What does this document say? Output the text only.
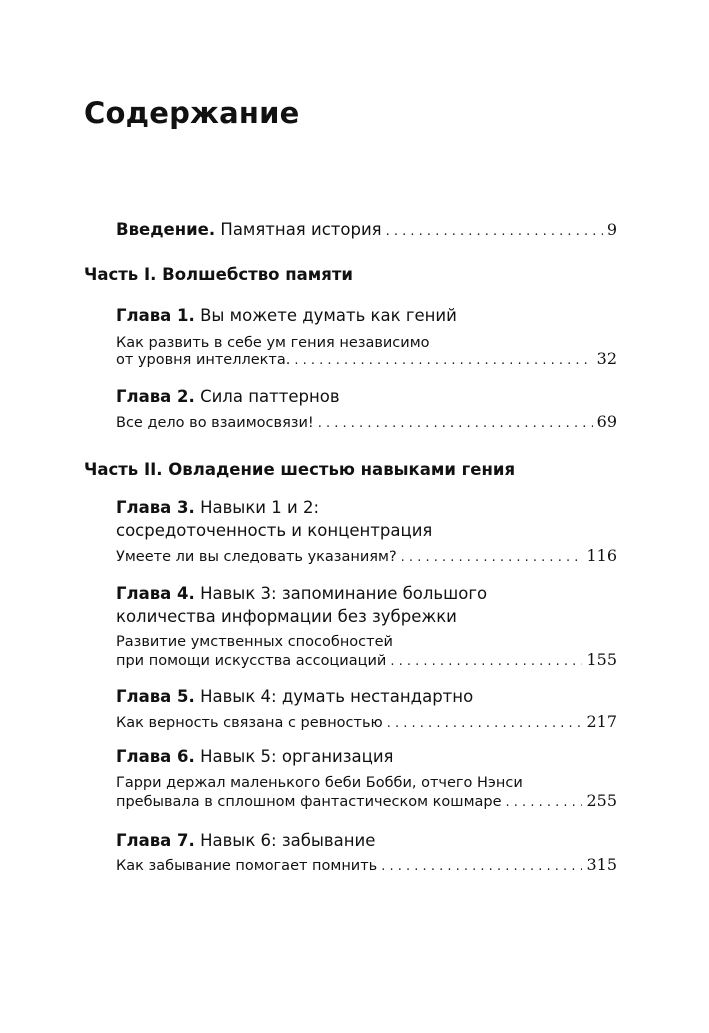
Содержание
Введение. Памятная история . . .	9
Часть I. Волшебство памяти
Глава 1. Вы можете думать как гений
Как развить в себе ум гения независимо
от уровня интеллекта. . . .	32
Глава 2. Сила паттернов
Все дело во взаимосвязи! . . .	69
Часть II. Овладение шестью навыками гения
Глава 3. Навыки 1 и 2:
сосредоточенность и концентрация
Умеете ли вы следовать указаниям? . . .	116
Глава 4. Навык 3: запоминание большого
количества информации без зубрежки
Развитие умственных способностей
при помощи искусства ассоциаций . . .	155
Глава 5. Навык 4: думать нестандартно
Как верность связана с ревностью . . .	217
Глава 6. Навык 5: организация
Гарри держал маленького беби Бобби, отчего Нэнси
пребывала в сплошном фантастическом кошмаре . . .	255
Глава 7. Навык 6: забывание
Как забывание помогает помнить . . .	315
